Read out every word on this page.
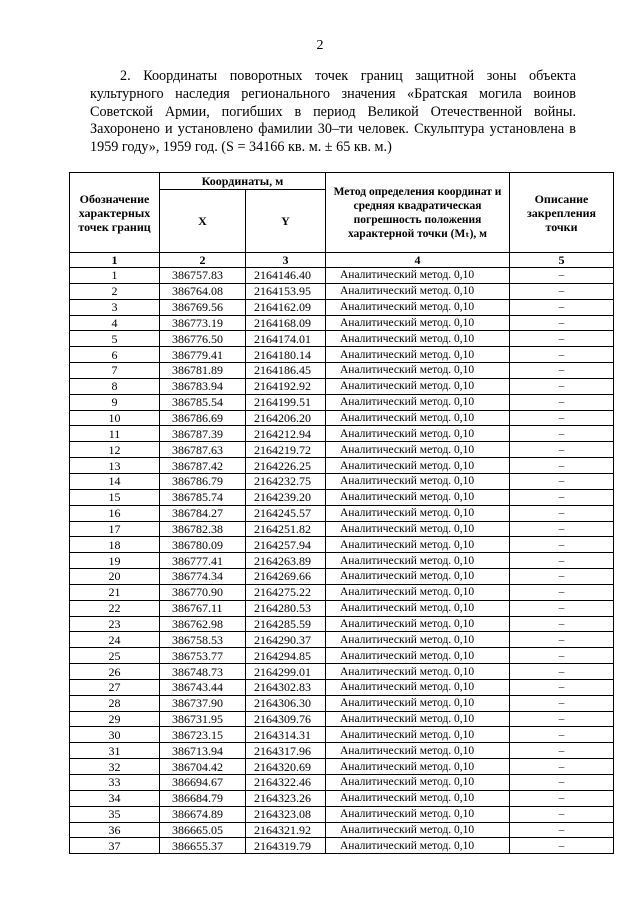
2

2. Координаты поворотных точек границ защитной зоны объекта культурного наследия регионального значения «Братская могила воинов Советской Армии, погибших в период Великой Отечественной войны. Захоронено и установлено фамилии 30–ти человек. Скульптура установлена в 1959 году», 1959 год. (S = 34166 кв. м. ± 65 кв. м.)

Обозначение характерных точек границ	Координаты, м		Метод определения координат и средняя квадратическая погрешность положения характерной точки (Mₜ), м	Описание закрепления точки
	X	Y		
1	2	3	4	5
1	386757.83	2164146.40	Аналитический метод. 0,10	–
2	386764.08	2164153.95	Аналитический метод. 0,10	–
3	386769.56	2164162.09	Аналитический метод. 0,10	–
4	386773.19	2164168.09	Аналитический метод. 0,10	–
5	386776.50	2164174.01	Аналитический метод. 0,10	–
6	386779.41	2164180.14	Аналитический метод. 0,10	–
7	386781.89	2164186.45	Аналитический метод. 0,10	–
8	386783.94	2164192.92	Аналитический метод. 0,10	–
9	386785.54	2164199.51	Аналитический метод. 0,10	–
10	386786.69	2164206.20	Аналитический метод. 0,10	–
11	386787.39	2164212.94	Аналитический метод. 0,10	–
12	386787.63	2164219.72	Аналитический метод. 0,10	–
13	386787.42	2164226.25	Аналитический метод. 0,10	–
14	386786.79	2164232.75	Аналитический метод. 0,10	–
15	386785.74	2164239.20	Аналитический метод. 0,10	–
16	386784.27	2164245.57	Аналитический метод. 0,10	–
17	386782.38	2164251.82	Аналитический метод. 0,10	–
18	386780.09	2164257.94	Аналитический метод. 0,10	–
19	386777.41	2164263.89	Аналитический метод. 0,10	–
20	386774.34	2164269.66	Аналитический метод. 0,10	–
21	386770.90	2164275.22	Аналитический метод. 0,10	–
22	386767.11	2164280.53	Аналитический метод. 0,10	–
23	386762.98	2164285.59	Аналитический метод. 0,10	–
24	386758.53	2164290.37	Аналитический метод. 0,10	–
25	386753.77	2164294.85	Аналитический метод. 0,10	–
26	386748.73	2164299.01	Аналитический метод. 0,10	–
27	386743.44	2164302.83	Аналитический метод. 0,10	–
28	386737.90	2164306.30	Аналитический метод. 0,10	–
29	386731.95	2164309.76	Аналитический метод. 0,10	–
30	386723.15	2164314.31	Аналитический метод. 0,10	–
31	386713.94	2164317.96	Аналитический метод. 0,10	–
32	386704.42	2164320.69	Аналитический метод. 0,10	–
33	386694.67	2164322.46	Аналитический метод. 0,10	–
34	386684.79	2164323.26	Аналитический метод. 0,10	–
35	386674.89	2164323.08	Аналитический метод. 0,10	–
36	386665.05	2164321.92	Аналитический метод. 0,10	–
37	386655.37	2164319.79	Аналитический метод. 0,10	–
